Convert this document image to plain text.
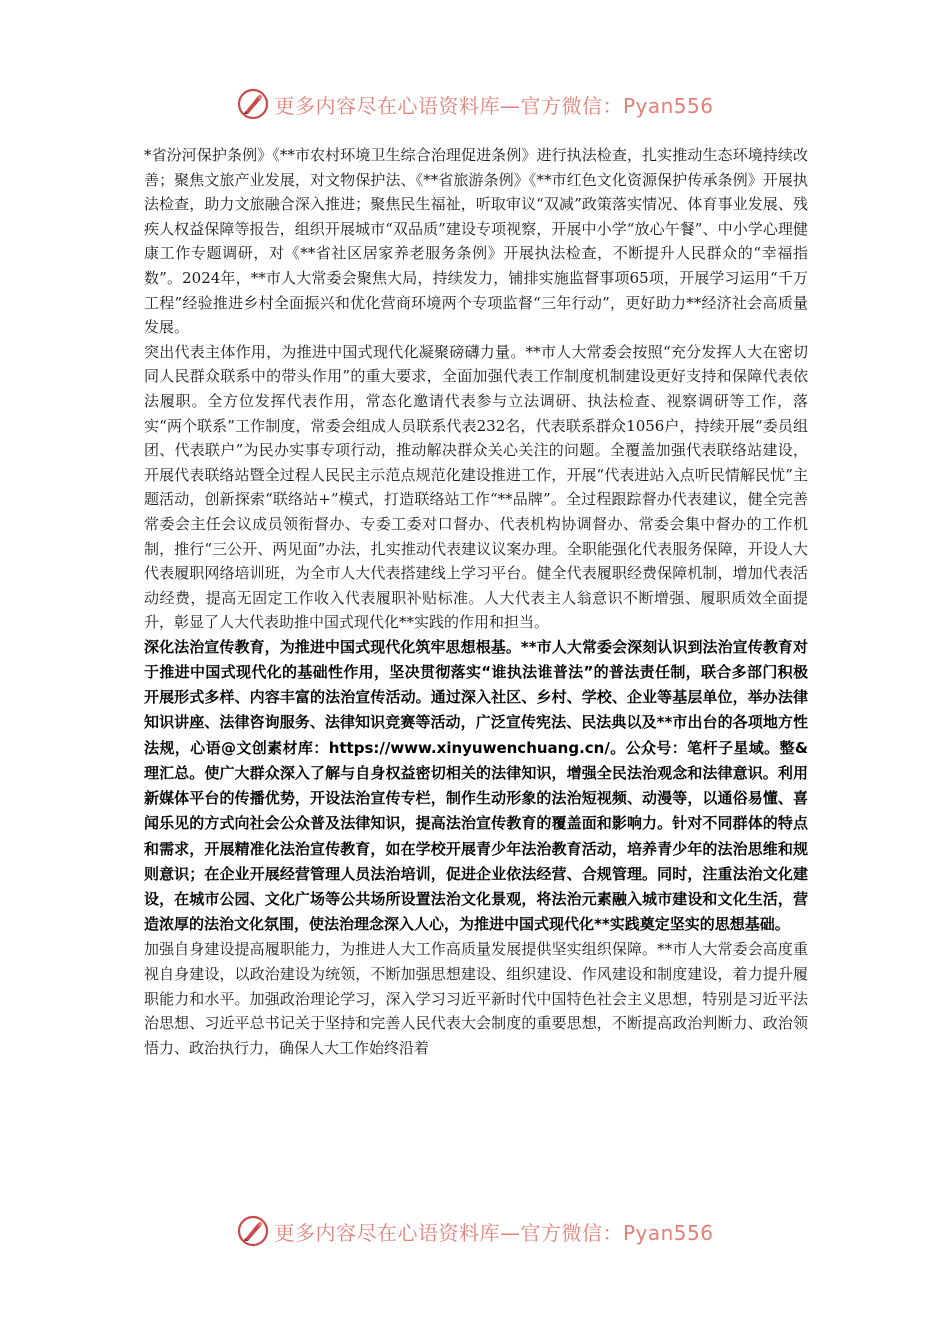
更多内容尽在心语资料库—官方微信：Pyan556

*省汾河保护条例》《**市农村环境卫生综合治理促进条例》进行执法检查，扎实推动生态环境持续改善；聚焦文旅产业发展，对文物保护法、《**省旅游条例》《**市红色文化资源保护传承条例》开展执法检查，助力文旅融合深入推进；聚焦民生福祉，听取审议“双减”政策落实情况、体育事业发展、残疾人权益保障等报告，组织开展城市“双品质”建设专项视察，开展中小学“放心午餐”、中小学心理健康工作专题调研，对《**省社区居家养老服务条例》开展执法检查，不断提升人民群众的“幸福指数”。2024年，**市人大常委会聚焦大局，持续发力，铺排实施监督事项65项，开展学习运用“千万工程”经验推进乡村全面振兴和优化营商环境两个专项监督“三年行动”，更好助力**经济社会高质量发展。

突出代表主体作用，为推进中国式现代化凝聚磅礴力量。**市人大常委会按照“充分发挥人大在密切同人民群众联系中的带头作用”的重大要求，全面加强代表工作制度机制建设更好支持和保障代表依法履职。全方位发挥代表作用，常态化邀请代表参与立法调研、执法检查、视察调研等工作，落实“两个联系”工作制度，常委会组成人员联系代表232名，代表联系群众1056户，持续开展“委员组团、代表联户”为民办实事专项行动，推动解决群众关心关注的问题。全覆盖加强代表联络站建设，开展代表联络站暨全过程人民民主示范点规范化建设推进工作，开展“代表进站入点听民情解民忧”主题活动，创新探索“联络站+”模式，打造联络站工作“**品牌”。全过程跟踪督办代表建议，健全完善常委会主任会议成员领衔督办、专委工委对口督办、代表机构协调督办、常委会集中督办的工作机制，推行“三公开、两见面”办法，扎实推动代表建议议案办理。全职能强化代表服务保障，开设人大代表履职网络培训班，为全市人大代表搭建线上学习平台。健全代表履职经费保障机制，增加代表活动经费，提高无固定工作收入代表履职补贴标准。人大代表主人翁意识不断增强、履职质效全面提升，彰显了人大代表助推中国式现代化**实践的作用和担当。

深化法治宣传教育，为推进中国式现代化筑牢思想根基。**市人大常委会深刻认识到法治宣传教育对于推进中国式现代化的基础性作用，坚决贯彻落实“谁执法谁普法”的普法责任制，联合多部门积极开展形式多样、内容丰富的法治宣传活动。通过深入社区、乡村、学校、企业等基层单位，举办法律知识讲座、法律咨询服务、法律知识竞赛等活动，广泛宣传宪法、民法典以及**市出台的各项地方性法规，心语@文创素材库：https://www.xinyuwenchuang.cn/。公众号：笔杆子星域。整&理汇总。使广大群众深入了解与自身权益密切相关的法律知识，增强全民法治观念和法律意识。利用新媒体平台的传播优势，开设法治宣传专栏，制作生动形象的法治短视频、动漫等，以通俗易懂、喜闻乐见的方式向社会公众普及法律知识，提高法治宣传教育的覆盖面和影响力。针对不同群体的特点和需求，开展精准化法治宣传教育，如在学校开展青少年法治教育活动，培养青少年的法治思维和规则意识；在企业开展经营管理人员法治培训，促进企业依法经营、合规管理。同时，注重法治文化建设，在城市公园、文化广场等公共场所设置法治文化景观，将法治元素融入城市建设和文化生活，营造浓厚的法治文化氛围，使法治理念深入人心，为推进中国式现代化**实践奠定坚实的思想基础。

加强自身建设提高履职能力，为推进人大工作高质量发展提供坚实组织保障。**市人大常委会高度重视自身建设，以政治建设为统领，不断加强思想建设、组织建设、作风建设和制度建设，着力提升履职能力和水平。加强政治理论学习，深入学习习近平新时代中国特色社会主义思想，特别是习近平法治思想、习近平总书记关于坚持和完善人民代表大会制度的重要思想，不断提高政治判断力、政治领悟力、政治执行力，确保人大工作始终沿着

更多内容尽在心语资料库—官方微信：Pyan556
